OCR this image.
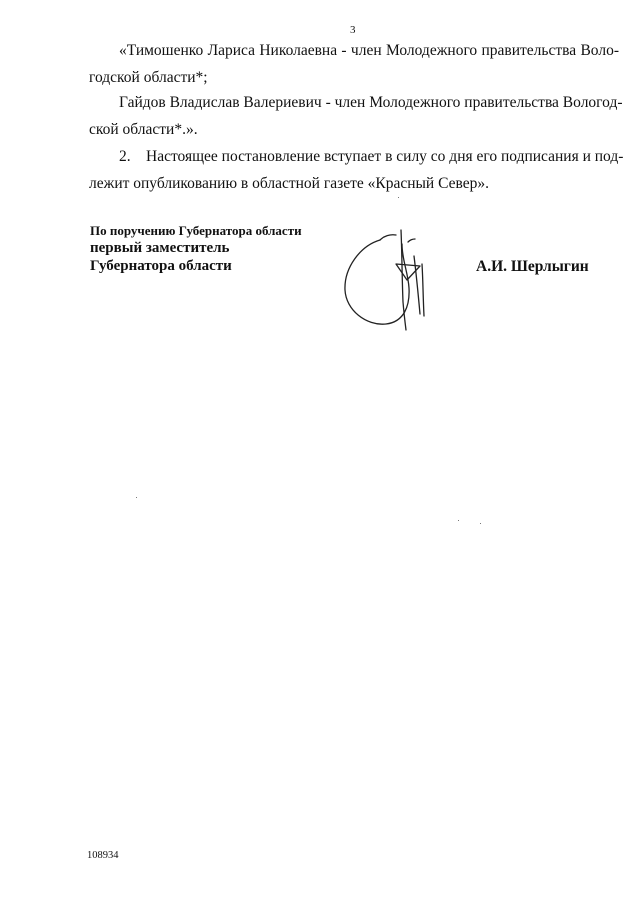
3
«Тимошенко Лариса Николаевна - член Молодежного правительства Воло-
годской области*;
Гайдов Владислав Валериевич - член Молодежного правительства Вологод-
ской области*.».
2. Настоящее постановление вступает в силу со дня его подписания и под-
лежит опубликованию в областной газете «Красный Север».
По поручению Губернатора области
первый заместитель
Губернатора области	А.И. Шерлыгин
108934
